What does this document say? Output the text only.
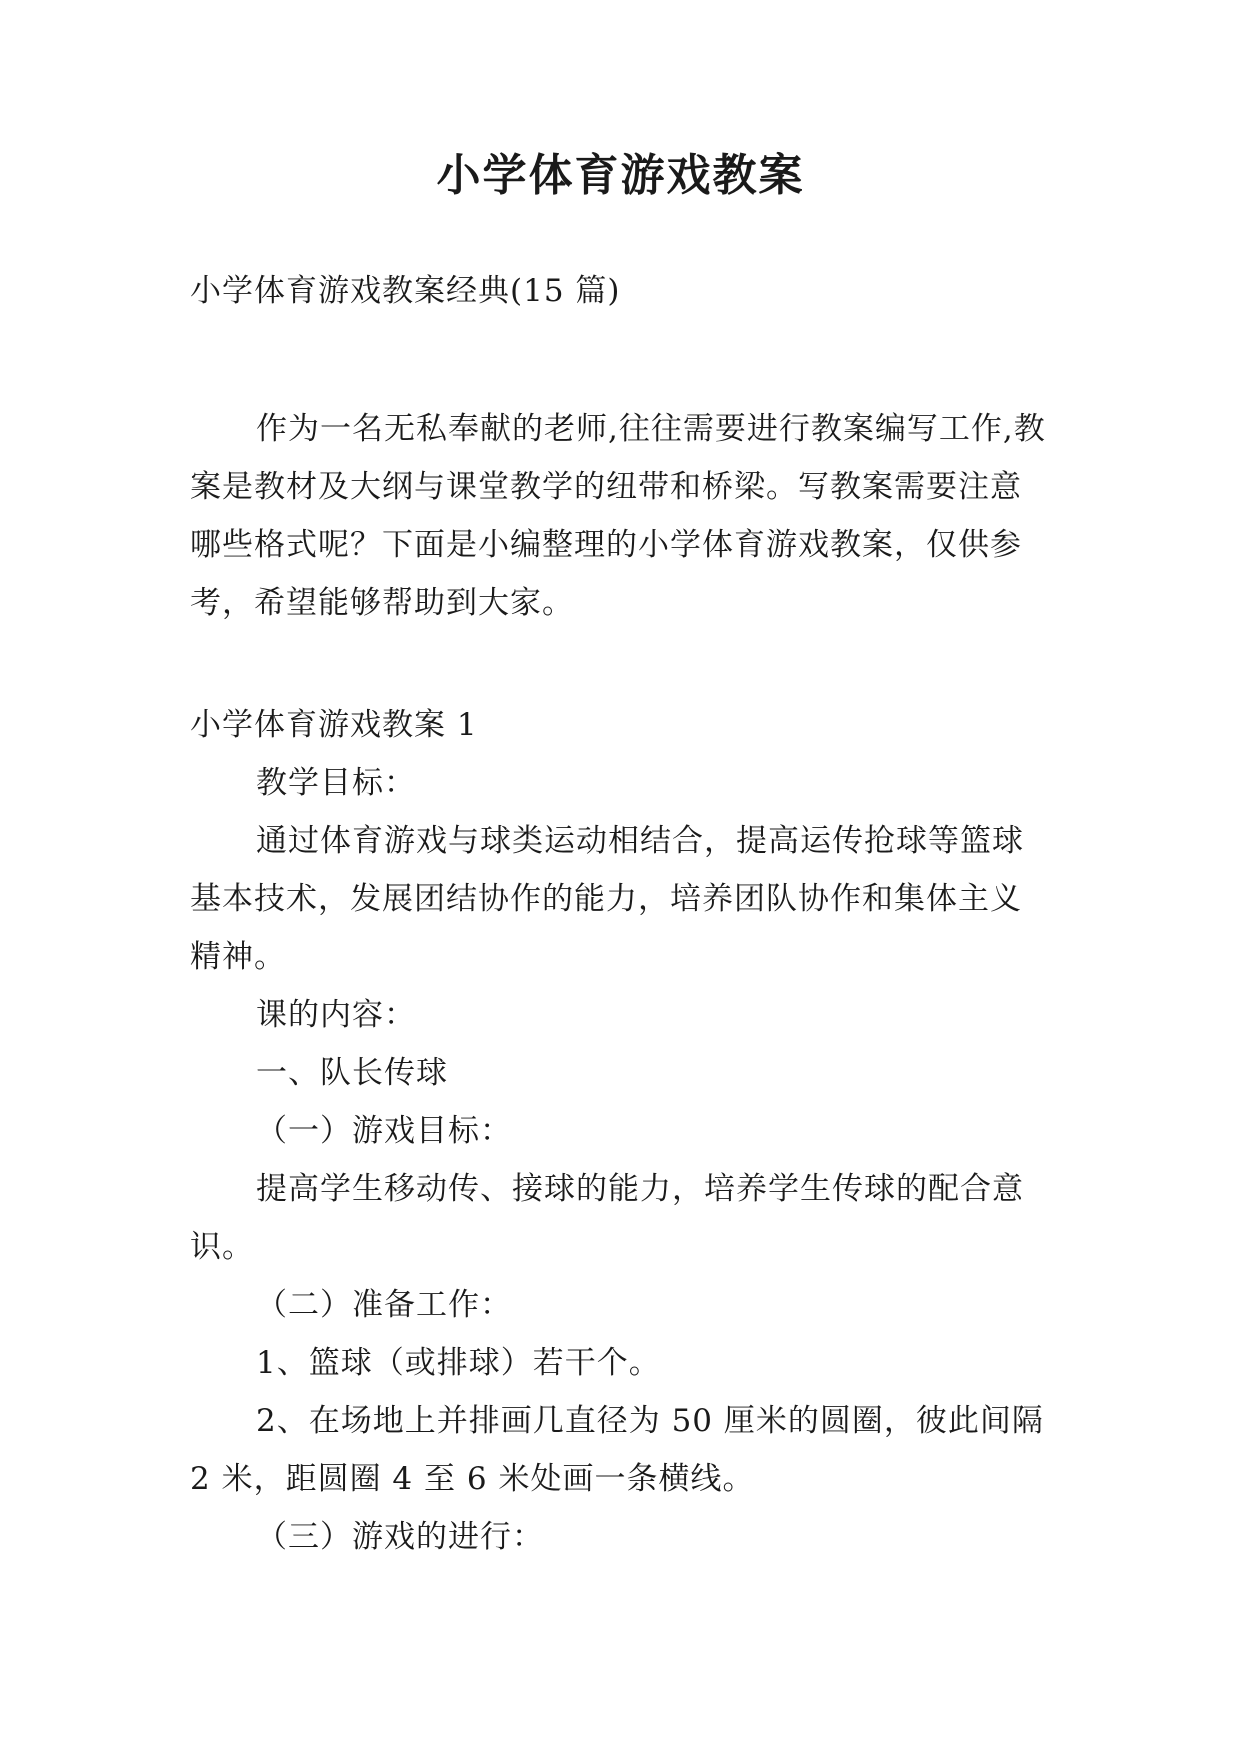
小学体育游戏教案

小学体育游戏教案经典(15 篇)

作为一名无私奉献的老师,往往需要进行教案编写工作,教案是教材及大纲与课堂教学的纽带和桥梁。写教案需要注意哪些格式呢？下面是小编整理的小学体育游戏教案，仅供参考，希望能够帮助到大家。

小学体育游戏教案 1

教学目标：

通过体育游戏与球类运动相结合，提高运传抢球等篮球基本技术，发展团结协作的能力，培养团队协作和集体主义精神。

课的内容：

一、队长传球

（一）游戏目标：

提高学生移动传、接球的能力，培养学生传球的配合意识。

（二）准备工作：

1、篮球（或排球）若干个。

2、在场地上并排画几直径为 50 厘米的圆圈，彼此间隔 2 米，距圆圈 4 至 6 米处画一条横线。

（三）游戏的进行：
